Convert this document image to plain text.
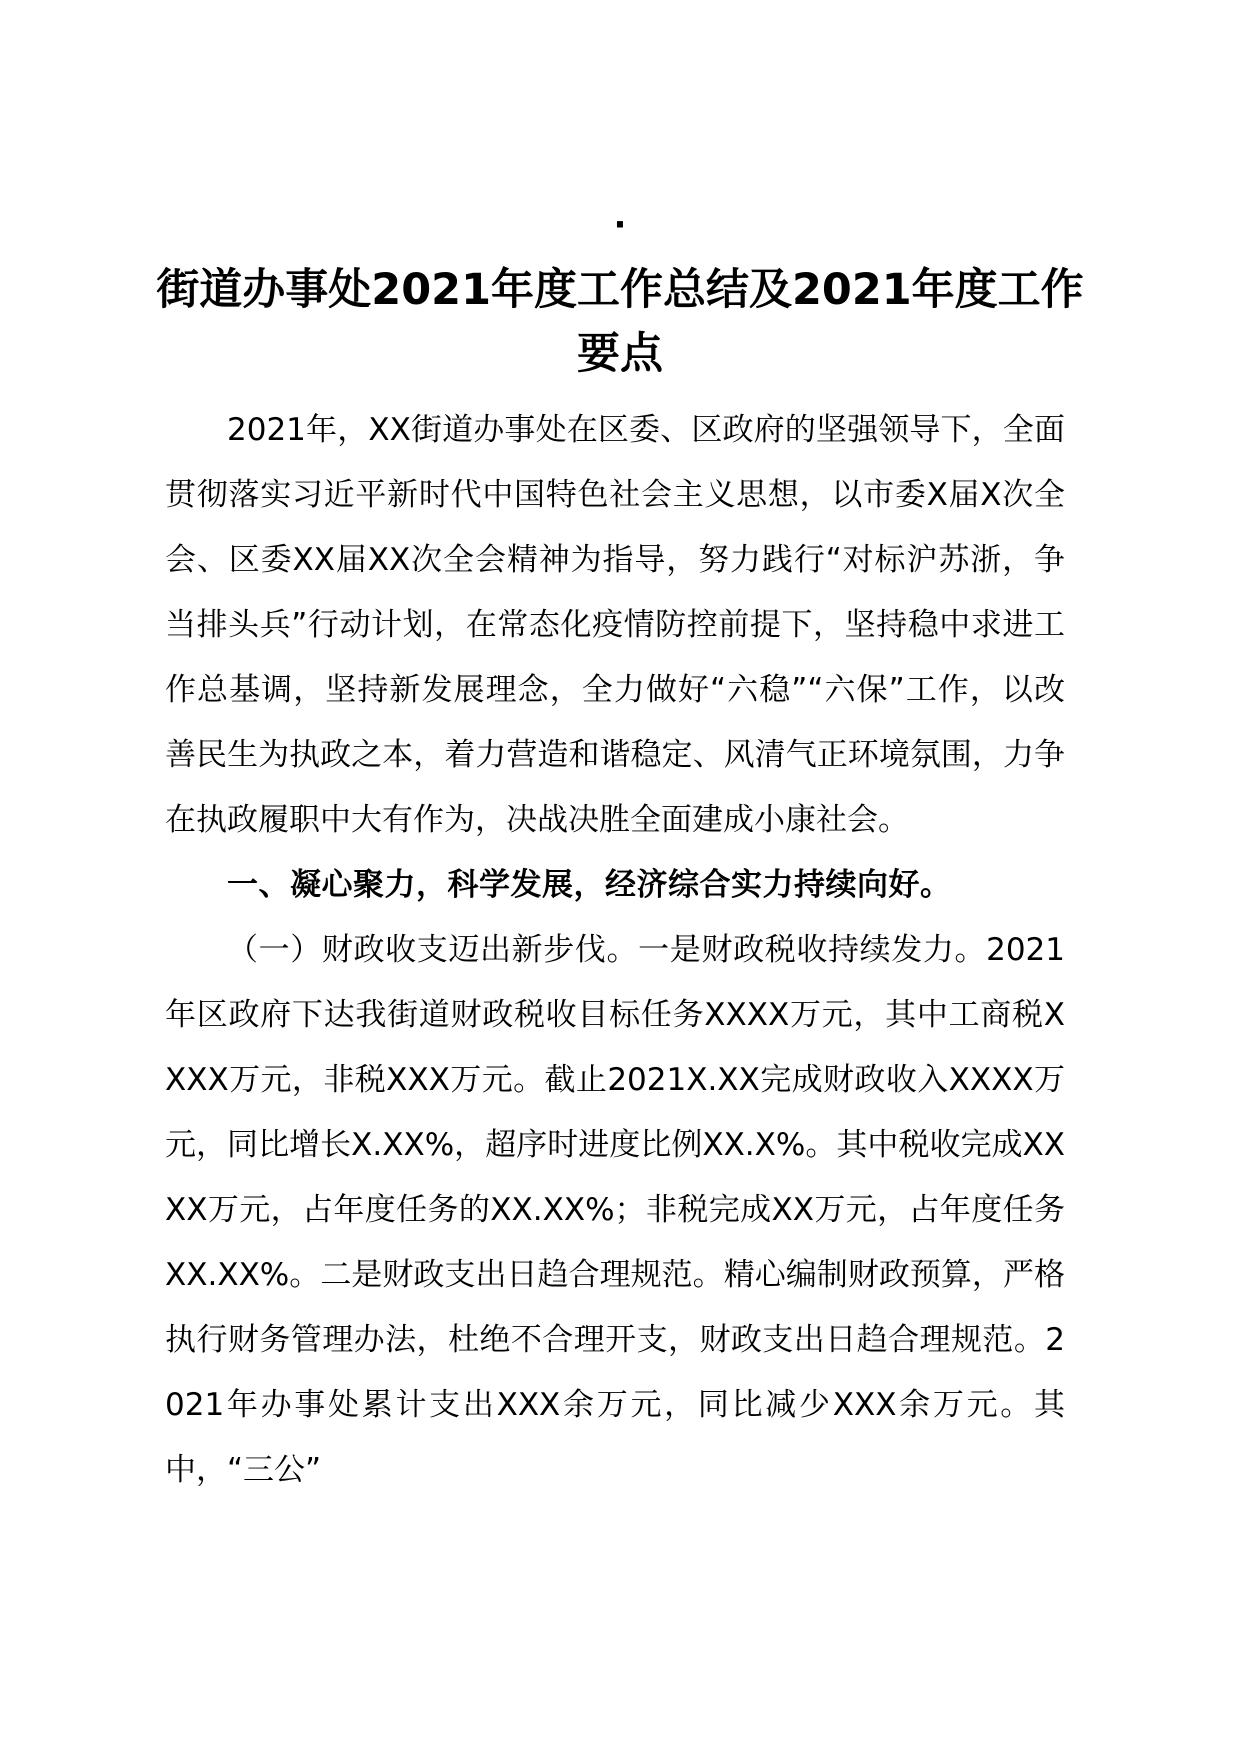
·
街道办事处2021年度工作总结及2021年度工作要点

2021年，XX街道办事处在区委、区政府的坚强领导下，全面贯彻落实习近平新时代中国特色社会主义思想，以市委X届X次全会、区委XX届XX次全会精神为指导，努力践行“对标沪苏浙，争当排头兵”行动计划，在常态化疫情防控前提下，坚持稳中求进工作总基调，坚持新发展理念，全力做好“六稳”“六保”工作，以改善民生为执政之本，着力营造和谐稳定、风清气正环境氛围，力争在执政履职中大有作为，决战决胜全面建成小康社会。

一、凝心聚力，科学发展，经济综合实力持续向好。

（一）财政收支迈出新步伐。一是财政税收持续发力。2021年区政府下达我街道财政税收目标任务XXXX万元，其中工商税XXXX万元，非税XXX万元。截止2021X.XX完成财政收入XXXX万元，同比增长X.XX%，超序时进度比例XX.X%。其中税收完成XXXX万元，占年度任务的XX.XX%；非税完成XX万元，占年度任务XX.XX%。二是财政支出日趋合理规范。精心编制财政预算，严格执行财务管理办法，杜绝不合理开支，财政支出日趋合理规范。2021年办事处累计支出XXX余万元，同比减少XXX余万元。其中，“三公”
